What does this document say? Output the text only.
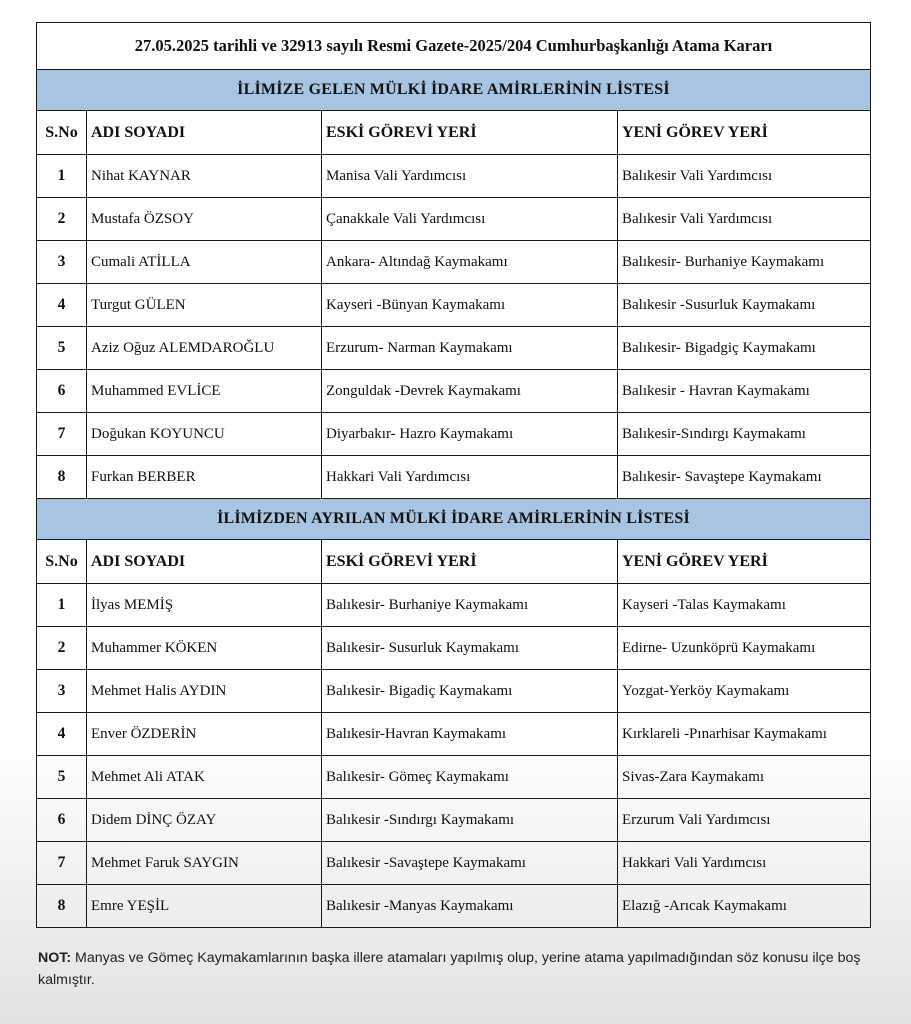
27.05.2025 tarihli ve 32913 sayılı Resmi Gazete-2025/204 Cumhurbaşkanlığı Atama Kararı			
İLİMİZE GELEN MÜLKİ İDARE AMİRLERİNİN LİSTESİ			
S.No	ADI SOYADI	ESKİ GÖREVİ YERİ	YENİ GÖREV YERİ
1	Nihat KAYNAR	Manisa Vali Yardımcısı	Balıkesir Vali Yardımcısı
2	Mustafa ÖZSOY	Çanakkale Vali Yardımcısı	Balıkesir Vali Yardımcısı
3	Cumali ATİLLA	Ankara- Altındağ Kaymakamı	Balıkesir- Burhaniye Kaymakamı
4	Turgut GÜLEN	Kayseri -Bünyan Kaymakamı	Balıkesir -Susurluk Kaymakamı
5	Aziz Oğuz ALEMDAROĞLU	Erzurum- Narman Kaymakamı	Balıkesir- Bigadgiç Kaymakamı
6	Muhammed EVLİCE	Zonguldak -Devrek Kaymakamı	Balıkesir - Havran Kaymakamı
7	Doğukan KOYUNCU	Diyarbakır- Hazro Kaymakamı	Balıkesir-Sındırgı Kaymakamı
8	Furkan BERBER	Hakkari Vali Yardımcısı	Balıkesir- Savaştepe Kaymakamı
İLİMİZDEN AYRILAN MÜLKİ İDARE AMİRLERİNİN LİSTESİ			
S.No	ADI SOYADI	ESKİ GÖREVİ YERİ	YENİ GÖREV YERİ
1	İlyas MEMİŞ	Balıkesir- Burhaniye Kaymakamı	Kayseri -Talas Kaymakamı
2	Muhammer KÖKEN	Balıkesir- Susurluk Kaymakamı	Edirne- Uzunköprü Kaymakamı
3	Mehmet Halis AYDIN	Balıkesir- Bigadiç Kaymakamı	Yozgat-Yerköy Kaymakamı
4	Enver ÖZDERİN	Balıkesir-Havran Kaymakamı	Kırklareli -Pınarhisar Kaymakamı
5	Mehmet Ali ATAK	Balıkesir- Gömeç Kaymakamı	Sivas-Zara Kaymakamı
6	Didem DİNÇ ÖZAY	Balıkesir -Sındırgı Kaymakamı	Erzurum Vali Yardımcısı
7	Mehmet Faruk SAYGIN	Balıkesir -Savaştepe Kaymakamı	Hakkari Vali Yardımcısı
8	Emre YEŞİL	Balıkesir -Manyas Kaymakamı	Elazığ -Arıcak Kaymakamı
NOT: Manyas ve Gömeç Kaymakamlarının başka illere atamaları yapılmış olup, yerine atama yapılmadığından söz konusu ilçe boş kalmıştır.
